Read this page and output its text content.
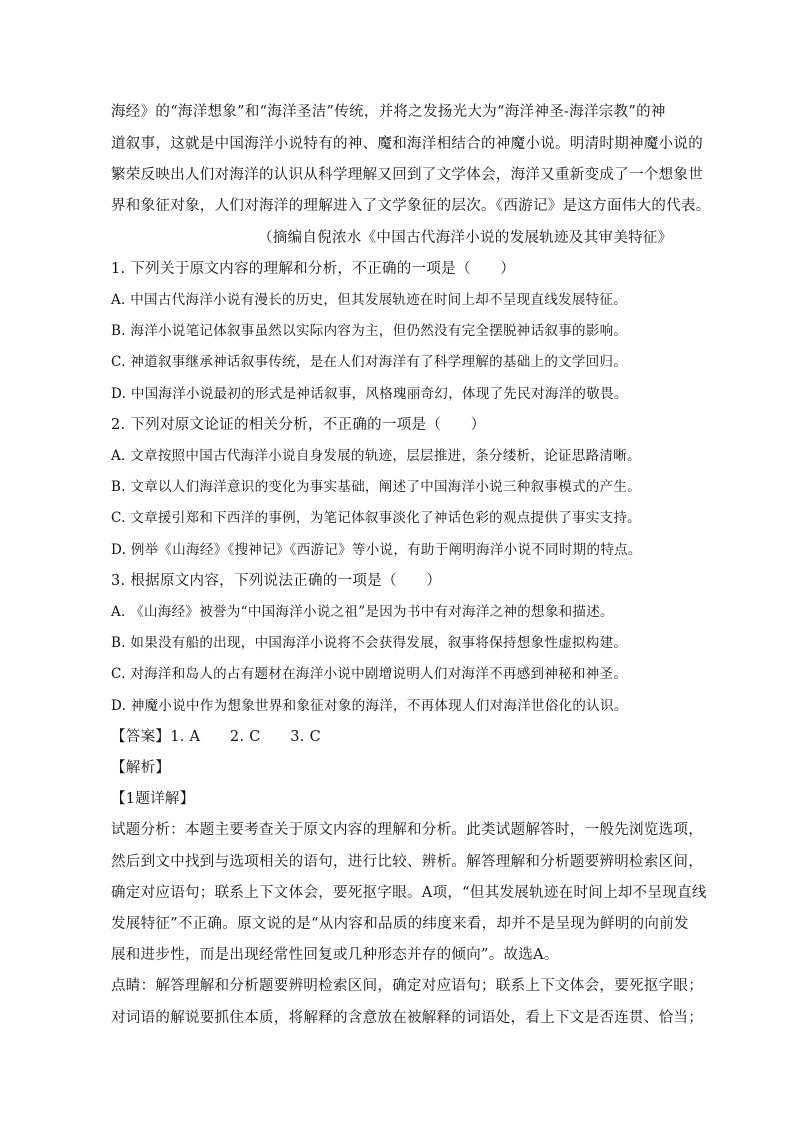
海经》的“海洋想象”和“海洋圣洁”传统，并将之发扬光大为“海洋神圣-海洋宗教”的神
道叙事，这就是中国海洋小说特有的神、魔和海洋相结合的神魔小说。明清时期神魔小说的
繁荣反映出人们对海洋的认识从科学理解又回到了文学体会，海洋又重新变成了一个想象世
界和象征对象，人们对海洋的理解进入了文学象征的层次。《西游记》是这方面伟大的代表。
（摘编自倪浓水《中国古代海洋小说的发展轨迹及其审美特征》
1. 下列关于原文内容的理解和分析，不正确的一项是（　　）
A. 中国古代海洋小说有漫长的历史，但其发展轨迹在时间上却不呈现直线发展特征。
B. 海洋小说笔记体叙事虽然以实际内容为主，但仍然没有完全摆脱神话叙事的影响。
C. 神道叙事继承神话叙事传统，是在人们对海洋有了科学理解的基础上的文学回归。
D. 中国海洋小说最初的形式是神话叙事，风格瑰丽奇幻，体现了先民对海洋的敬畏。
2. 下列对原文论证的相关分析，不正确的一项是（　　）
A. 文章按照中国古代海洋小说自身发展的轨迹，层层推进，条分缕析，论证思路清晰。
B. 文章以人们海洋意识的变化为事实基础，阐述了中国海洋小说三种叙事模式的产生。
C. 文章援引郑和下西洋的事例，为笔记体叙事淡化了神话色彩的观点提供了事实支持。
D. 例举《山海经》《搜神记》《西游记》等小说，有助于阐明海洋小说不同时期的特点。
3. 根据原文内容，下列说法正确的一项是（　　）
A. 《山海经》被誉为“中国海洋小说之祖”是因为书中有对海洋之神的想象和描述。
B. 如果没有船的出现，中国海洋小说将不会获得发展，叙事将保持想象性虚拟构建。
C. 对海洋和岛人的占有题材在海洋小说中剧增说明人们对海洋不再感到神秘和神圣。
D. 神魔小说中作为想象世界和象征对象的海洋，不再体现人们对海洋世俗化的认识。
【答案】1. A　　2. C　　3. C
【解析】
【1题详解】
试题分析：本题主要考查关于原文内容的理解和分析。此类试题解答时，一般先浏览选项，
然后到文中找到与选项相关的语句，进行比较、辨析。解答理解和分析题要辨明检索区间，
确定对应语句；联系上下文体会，要死抠字眼。A项，“但其发展轨迹在时间上却不呈现直线
发展特征”不正确。原文说的是“从内容和品质的纬度来看，却并不是呈现为鲜明的向前发
展和进步性，而是出现经常性回复或几种形态并存的倾向”。故选A。
点睛：解答理解和分析题要辨明检索区间，确定对应语句；联系上下文体会，要死抠字眼；
对词语的解说要抓住本质，将解释的含意放在被解释的词语处，看上下文是否连贯、恰当；
